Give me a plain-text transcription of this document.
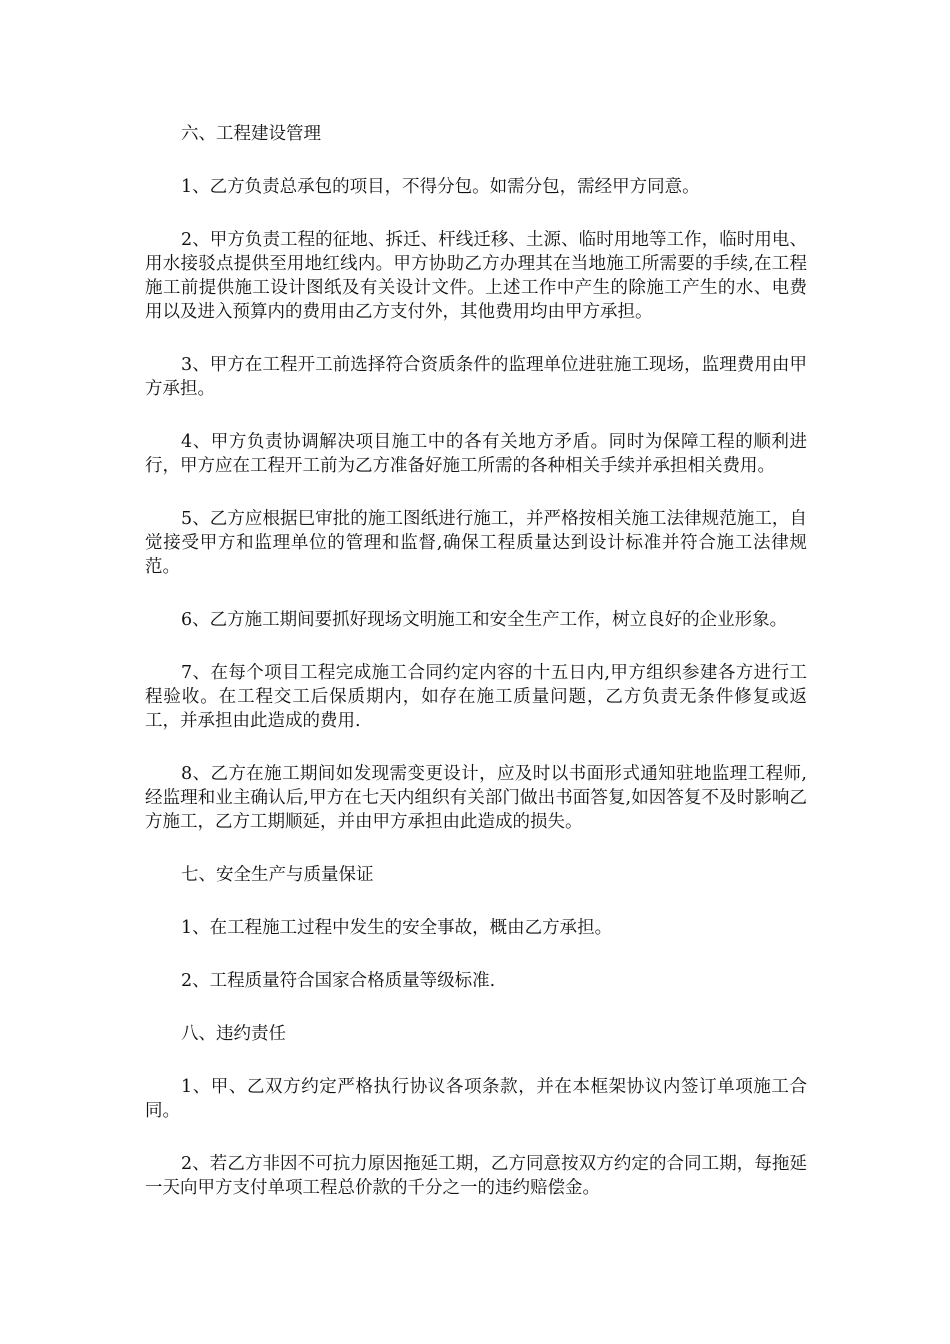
六、工程建设管理

1、乙方负责总承包的项目，不得分包。如需分包，需经甲方同意。

2、甲方负责工程的征地、拆迁、杆线迁移、土源、临时用地等工作，临时用电、用水接驳点提供至用地红线内。甲方协助乙方办理其在当地施工所需要的手续,在工程施工前提供施工设计图纸及有关设计文件。上述工作中产生的除施工产生的水、电费用以及进入预算内的费用由乙方支付外，其他费用均由甲方承担。

3、甲方在工程开工前选择符合资质条件的监理单位进驻施工现场，监理费用由甲方承担。

4、甲方负责协调解决项目施工中的各有关地方矛盾。同时为保障工程的顺利进行，甲方应在工程开工前为乙方准备好施工所需的各种相关手续并承担相关费用。

5、乙方应根据巳审批的施工图纸进行施工，并严格按相关施工法律规范施工，自觉接受甲方和监理单位的管理和监督,确保工程质量达到设计标准并符合施工法律规范。

6、乙方施工期间要抓好现场文明施工和安全生产工作，树立良好的企业形象。

7、在每个项目工程完成施工合同约定内容的十五日内,甲方组织参建各方进行工程验收。在工程交工后保质期内，如存在施工质量问题，乙方负责无条件修复或返工，并承担由此造成的费用.

8、乙方在施工期间如发现需变更设计，应及时以书面形式通知驻地监理工程师,经监理和业主确认后,甲方在七天内组织有关部门做出书面答复,如因答复不及时影响乙方施工，乙方工期顺延，并由甲方承担由此造成的损失。

七、安全生产与质量保证

1、在工程施工过程中发生的安全事故，概由乙方承担。

2、工程质量符合国家合格质量等级标准.

八、违约责任

1、甲、乙双方约定严格执行协议各项条款，并在本框架协议内签订单项施工合同。

2、若乙方非因不可抗力原因拖延工期，乙方同意按双方约定的合同工期，每拖延一天向甲方支付单项工程总价款的千分之一的违约赔偿金。
